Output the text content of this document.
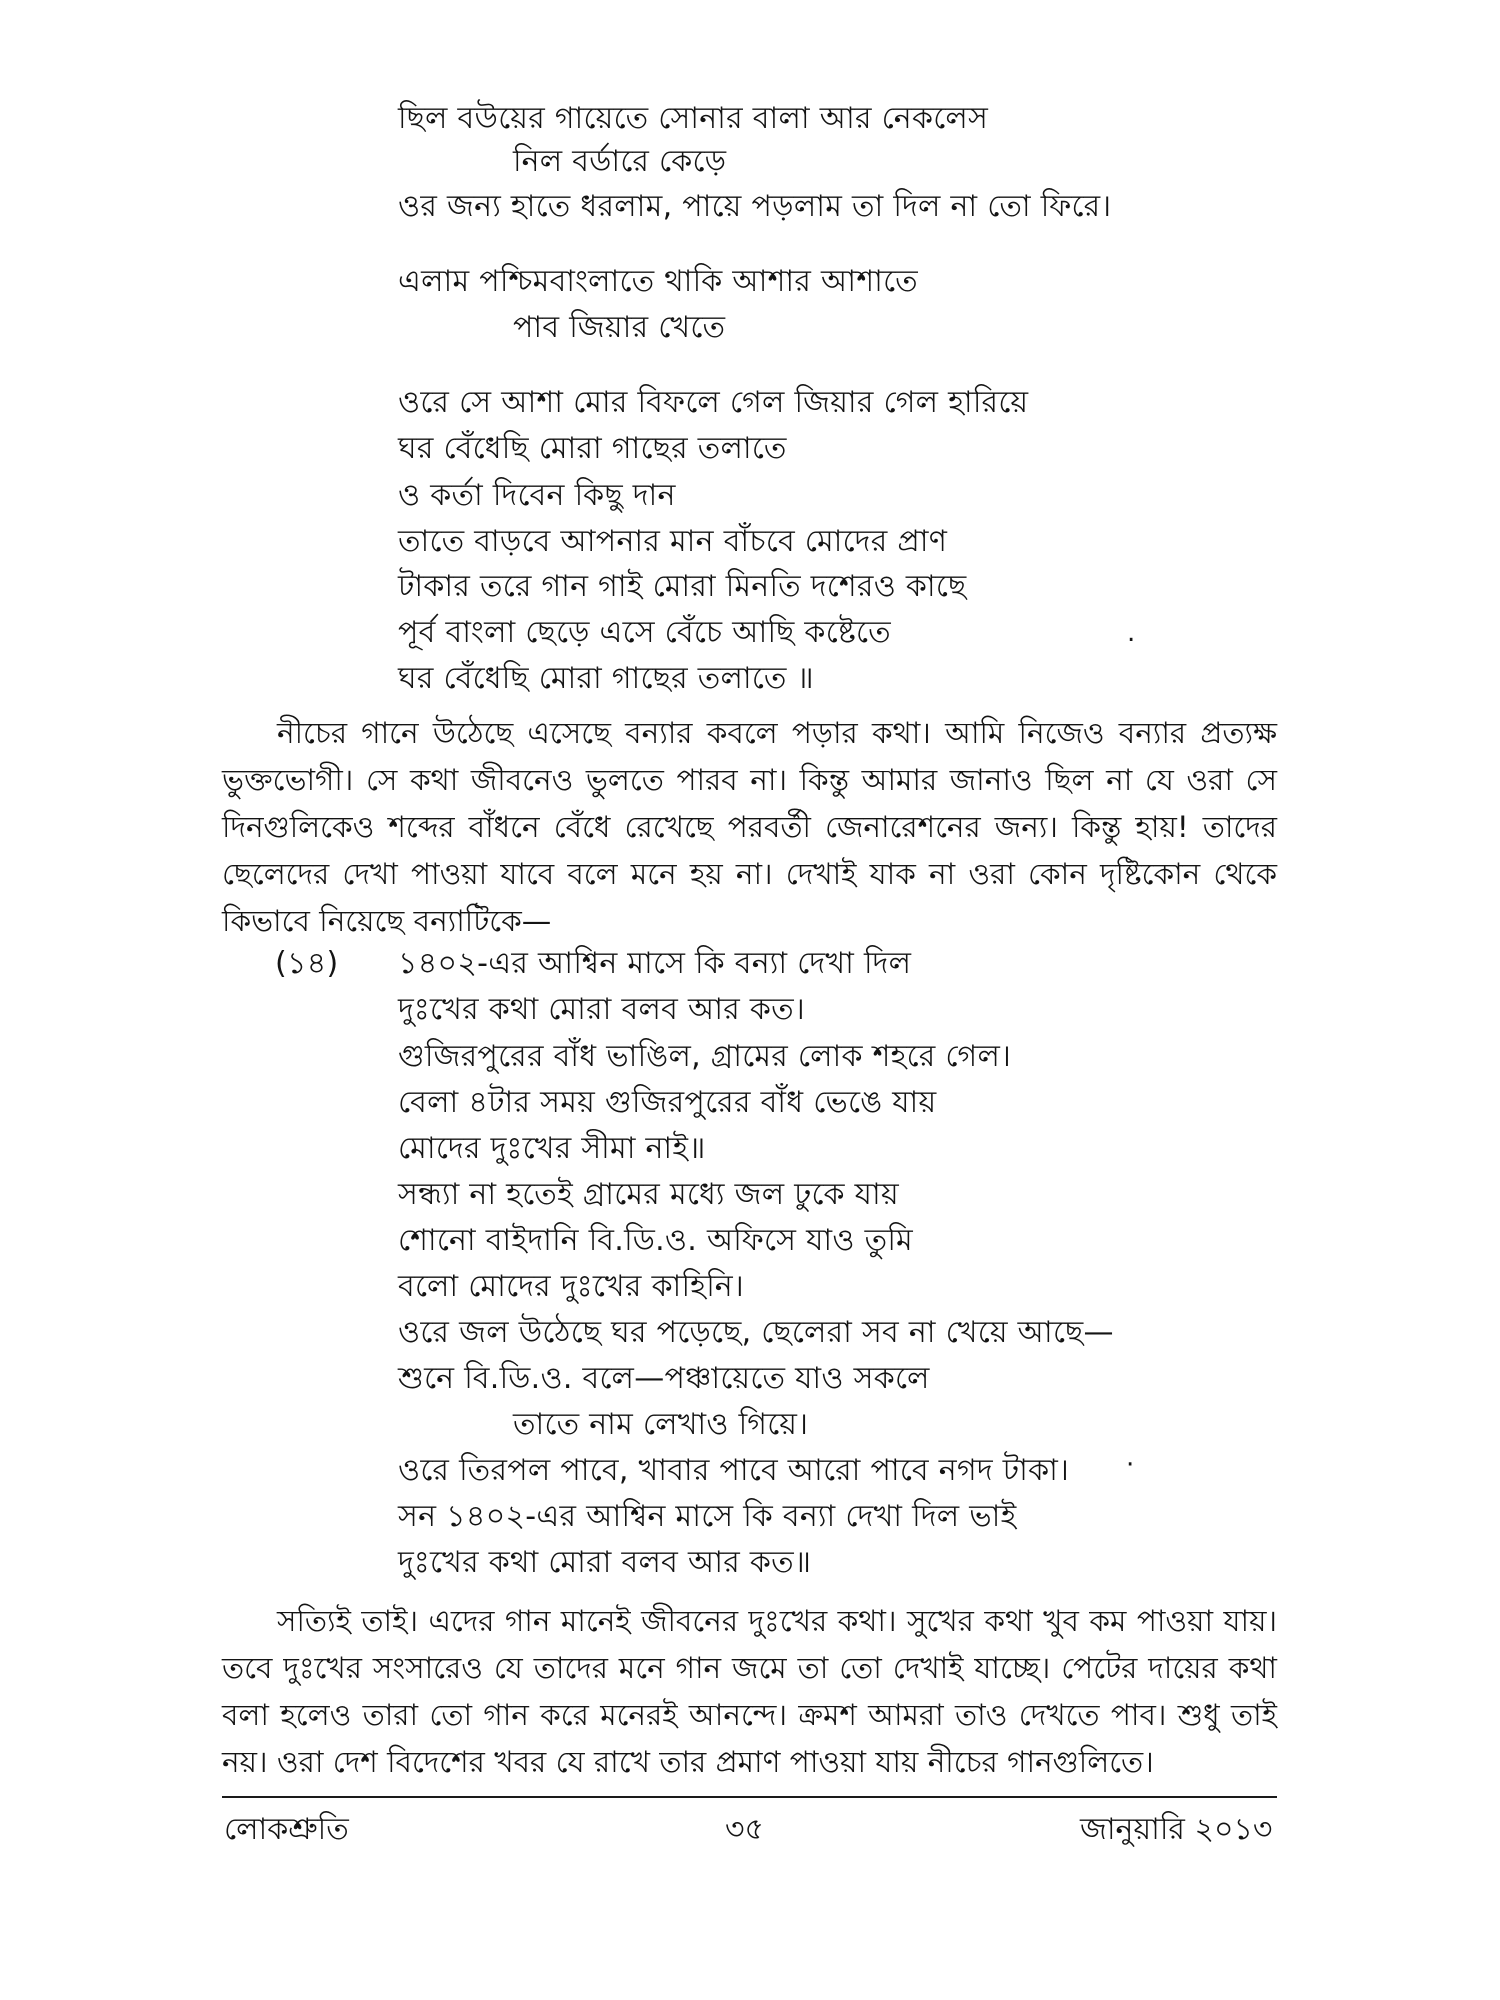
ছিল বউয়ের গায়েতে সোনার বালা আর নেকলেস
নিল বর্ডারে কেড়ে
ওর জন্য হাতে ধরলাম, পায়ে পড়লাম তা দিল না তো ফিরে।
এলাম পশ্চিমবাংলাতে থাকি আশার আশাতে
পাব জিয়ার খেতে
ওরে সে আশা মোর বিফলে গেল জিয়ার গেল হারিয়ে
ঘর বেঁধেছি মোরা গাছের তলাতে
ও কর্তা দিবেন কিছু দান
তাতে বাড়বে আপনার মান বাঁচবে মোদের প্রাণ
টাকার তরে গান গাই মোরা মিনতি দশেরও কাছে
পূর্ব বাংলা ছেড়ে এসে বেঁচে আছি কষ্টেতে
ঘর বেঁধেছি মোরা গাছের তলাতে ॥
.
নীচের গানে উঠেছে এসেছে বন্যার কবলে পড়ার কথা। আমি নিজেও বন্যার প্রত্যক্ষ ভুক্তভোগী। সে কথা জীবনেও ভুলতে পারব না। কিন্তু আমার জানাও ছিল না যে ওরা সে দিনগুলিকেও শব্দের বাঁধনে বেঁধে রেখেছে পরবর্তী জেনারেশনের জন্য। কিন্তু হায়! তাদের ছেলেদের দেখা পাওয়া যাবে বলে মনে হয় না। দেখাই যাক না ওরা কোন দৃষ্টিকোন থেকে কিভাবে নিয়েছে বন্যাটিকে—
(১৪) ১৪০২-এর আশ্বিন মাসে কি বন্যা দেখা দিল
দুঃখের কথা মোরা বলব আর কত।
গুজিরপুরের বাঁধ ভাঙিল, গ্রামের লোক শহরে গেল।
বেলা ৪টার সময় গুজিরপুরের বাঁধ ভেঙে যায়
মোদের দুঃখের সীমা নাই॥
সন্ধ্যা না হতেই গ্রামের মধ্যে জল ঢুকে যায়
শোনো বাইদানি বি.ডি.ও. অফিসে যাও তুমি
বলো মোদের দুঃখের কাহিনি।
ওরে জল উঠেছে ঘর পড়েছে, ছেলেরা সব না খেয়ে আছে—
শুনে বি.ডি.ও. বলে—পঞ্চায়েতে যাও সকলে
তাতে নাম লেখাও গিয়ে।
ওরে তিরপল পাবে, খাবার পাবে আরো পাবে নগদ টাকা।
সন ১৪০২-এর আশ্বিন মাসে কি বন্যা দেখা দিল ভাই
দুঃখের কথা মোরা বলব আর কত॥
·
সত্যিই তাই। এদের গান মানেই জীবনের দুঃখের কথা। সুখের কথা খুব কম পাওয়া যায়। তবে দুঃখের সংসারেও যে তাদের মনে গান জমে তা তো দেখাই যাচ্ছে। পেটের দায়ের কথা বলা হলেও তারা তো গান করে মনেরই আনন্দে। ক্রমশ আমরা তাও দেখতে পাব। শুধু তাই নয়। ওরা দেশ বিদেশের খবর যে রাখে তার প্রমাণ পাওয়া যায় নীচের গানগুলিতে।
লোকশ্রুতি	৩৫	জানুয়ারি ২০১৩
